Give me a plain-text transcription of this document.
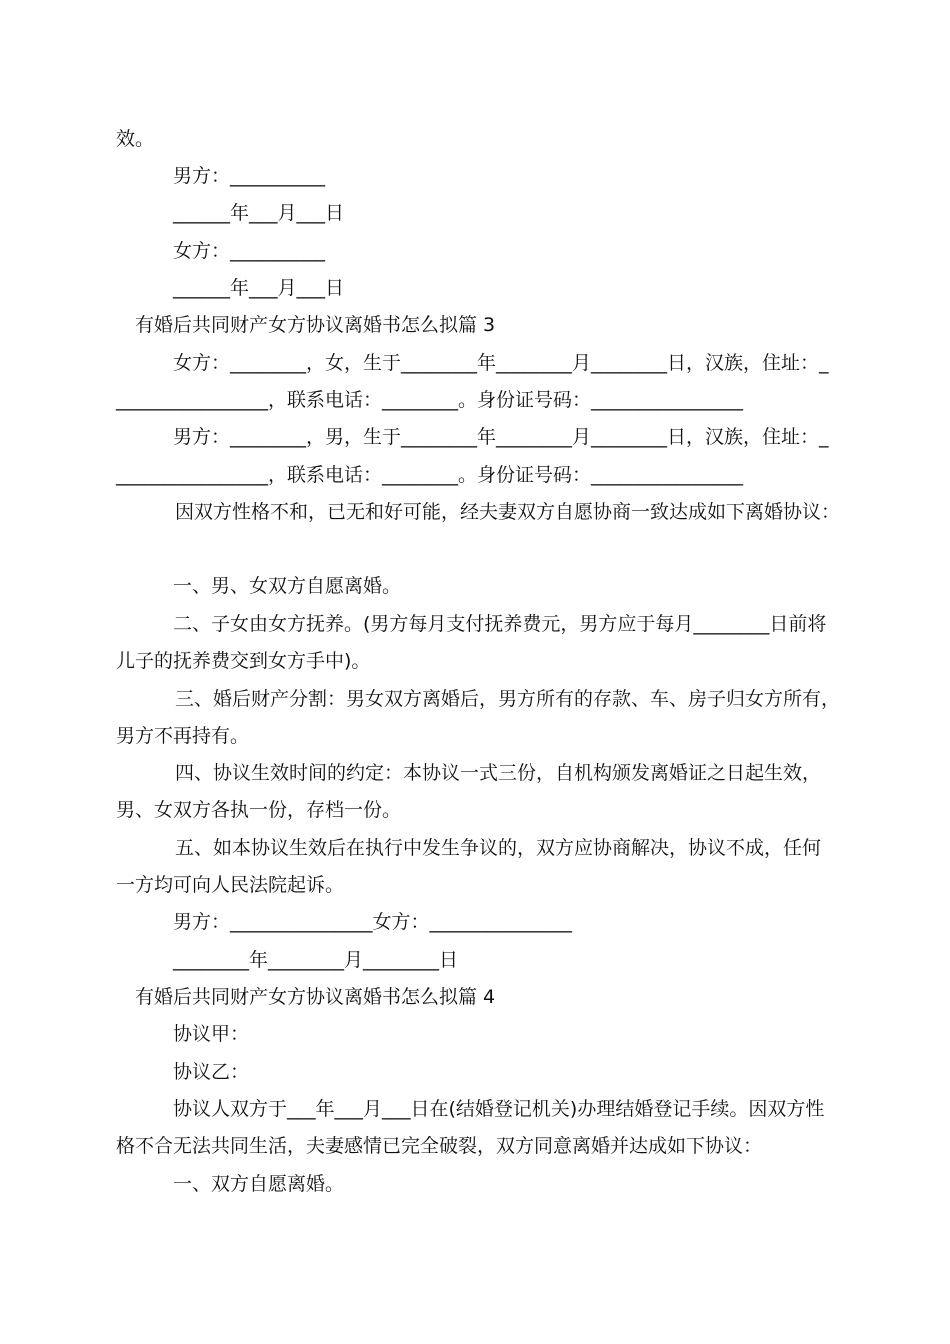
效。
男方：__________
______年___月___日
女方：__________
______年___月___日
有婚后共同财产女方协议离婚书怎么拟篇 3
女方：________，女，生于________年________月________日，汉族，住址：_
________________，联系电话：________。身份证号码：________________
男方：________，男，生于________年________月________日，汉族，住址：_
________________，联系电话：________。身份证号码：________________
因双方性格不和，已无和好可能，经夫妻双方自愿协商一致达成如下离婚协议：
一、男、女双方自愿离婚。
二、子女由女方抚养。(男方每月支付抚养费元，男方应于每月________日前将
儿子的抚养费交到女方手中)。
三、婚后财产分割：男女双方离婚后，男方所有的存款、车、房子归女方所有，
男方不再持有。
四、协议生效时间的约定：本协议一式三份，自机构颁发离婚证之日起生效，
男、女双方各执一份，存档一份。
五、如本协议生效后在执行中发生争议的，双方应协商解决，协议不成，任何
一方均可向人民法院起诉。
男方：_______________女方：_______________
________年________月________日
有婚后共同财产女方协议离婚书怎么拟篇 4
协议甲：
协议乙：
协议人双方于___年___月___日在(结婚登记机关)办理结婚登记手续。因双方性
格不合无法共同生活，夫妻感情已完全破裂，双方同意离婚并达成如下协议：
一、双方自愿离婚。
